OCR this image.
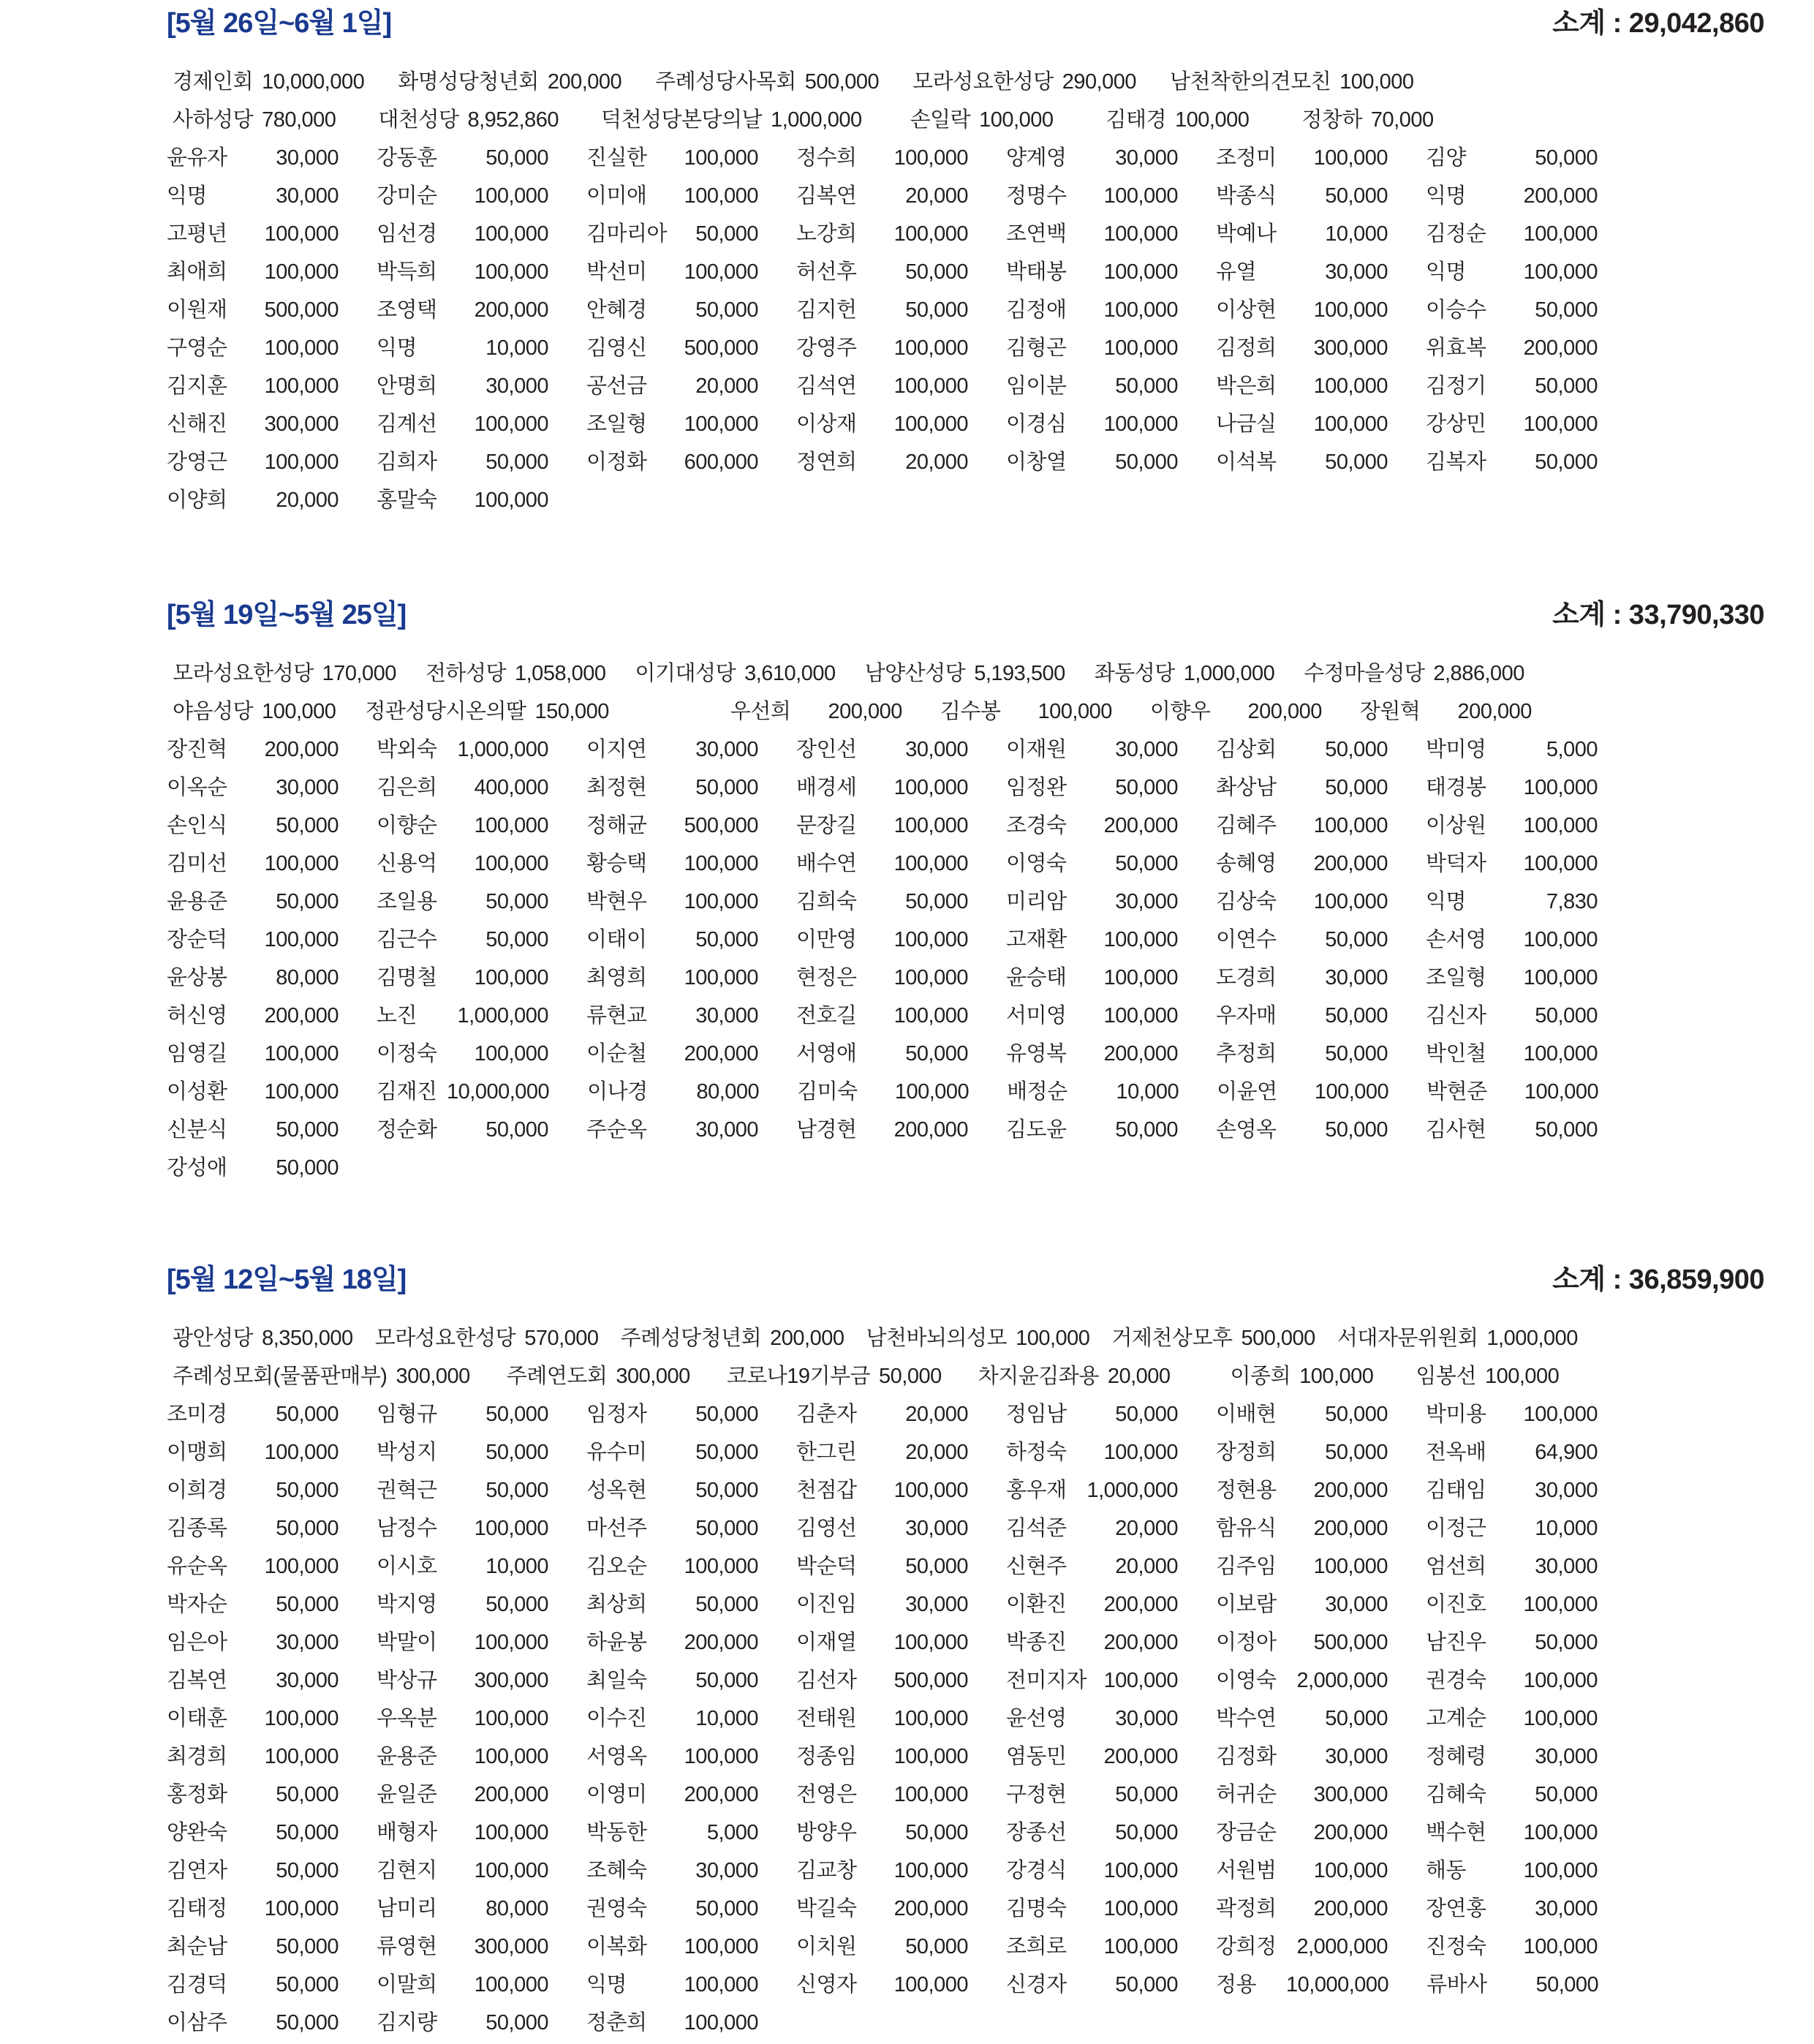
[5월 26일~6월 1일]	소계 : 29,042,860
경제인회 10,000,000 화명성당청년회 200,000 주례성당사목회 500,000 모라성요한성당 290,000 남천착한의견모친 100,000
사하성당 780,000 대천성당 8,952,860 덕천성당본당의날 1,000,000 손일락 100,000 김태경 100,000 정창하 70,000
윤유자	30,000	강동훈	50,000	진실한	100,000	정수희	100,000	양계영	30,000	조정미	100,000	김양	50,000
익명	30,000	강미순	100,000	이미애	100,000	김복연	20,000	정명수	100,000	박종식	50,000	익명	200,000
고평년	100,000	임선경	100,000	김마리아	50,000	노강희	100,000	조연백	100,000	박예나	10,000	김정순	100,000
최애희	100,000	박득희	100,000	박선미	100,000	허선후	50,000	박태봉	100,000	유열	30,000	익명	100,000
이원재	500,000	조영택	200,000	안혜경	50,000	김지헌	50,000	김정애	100,000	이상현	100,000	이승수	50,000
구영순	100,000	익명	10,000	김영신	500,000	강영주	100,000	김형곤	100,000	김정희	300,000	위효복	200,000
김지훈	100,000	안명희	30,000	공선금	20,000	김석연	100,000	임이분	50,000	박은희	100,000	김정기	50,000
신해진	300,000	김계선	100,000	조일형	100,000	이상재	100,000	이경심	100,000	나금실	100,000	강상민	100,000
강영근	100,000	김희자	50,000	이정화	600,000	정연희	20,000	이창열	50,000	이석복	50,000	김복자	50,000
이양희	20,000	홍말숙	100,000
[5월 19일~5월 25일]	소계 : 33,790,330
모라성요한성당 170,000 전하성당 1,058,000 이기대성당 3,610,000 남양산성당 5,193,500 좌동성당 1,000,000 수정마을성당 2,886,000
야음성당 100,000 정관성당시온의딸 150,000	우선희	200,000	김수봉	100,000	이향우	200,000	장원혁	200,000
장진혁	200,000	박외숙 1,000,000	이지연	30,000	장인선	30,000	이재원	30,000	김상회	50,000	박미영	5,000
이옥순	30,000	김은희	400,000	최정현	50,000	배경세	100,000	임정완	50,000	촤상남	50,000	태경봉	100,000
손인식	50,000	이향순	100,000	정해균	500,000	문장길	100,000	조경숙	200,000	김혜주	100,000	이상원	100,000
김미선	100,000	신용억	100,000	황승택	100,000	배수연	100,000	이영숙	50,000	송혜영	200,000	박덕자	100,000
윤용준	50,000	조일용	50,000	박현우	100,000	김희숙	50,000	미리암	30,000	김상숙	100,000	익명	7,830
장순덕	100,000	김근수	50,000	이태이	50,000	이만영	100,000	고재환	100,000	이연수	50,000	손서영	100,000
윤상봉	80,000	김명철	100,000	최영희	100,000	현정은	100,000	윤승태	100,000	도경희	30,000	조일형	100,000
허신영	200,000	노진	1,000,000	류현교	30,000	전호길	100,000	서미영	100,000	우자매	50,000	김신자	50,000
임영길	100,000	이정숙	100,000	이순철	200,000	서영애	50,000	유영복	200,000	추정희	50,000	박인철	100,000
이성환	100,000	김재진 10,000,000	이나경	80,000	김미숙	100,000	배정순	10,000	이윤연	100,000	박현준	100,000
신분식	50,000	정순화	50,000	주순옥	30,000	남경현	200,000	김도윤	50,000	손영옥	50,000	김사현	50,000
강성애	50,000
[5월 12일~5월 18일]	소계 : 36,859,900
광안성당 8,350,000 모라성요한성당 570,000 주례성당청년회 200,000 남천바뇌의성모 100,000 거제천상모후 500,000 서대자문위원회 1,000,000
주례성모회(물품판매부) 300,000 주례연도회 300,000 코로나19기부금 50,000 차지윤김좌용 20,000	이종희 100,000 임봉선 100,000
조미경	50,000	임형규	50,000	임정자	50,000	김춘자	20,000	정임남	50,000	이배현	50,000	박미용	100,000
이맹희	100,000	박성지	50,000	유수미	50,000	한그린	20,000	하정숙	100,000	장정희	50,000	전옥배	64,900
이희경	50,000	권혁근	50,000	성옥현	50,000	천점갑	100,000	홍우재 1,000,000	정현용	200,000	김태임	30,000
김종록	50,000	남정수	100,000	마선주	50,000	김영선	30,000	김석준	20,000	함유식	200,000	이정근	10,000
유순옥	100,000	이시호	10,000	김오순	100,000	박순덕	50,000	신현주	20,000	김주임	100,000	엄선희	30,000
박자순	50,000	박지영	50,000	최상희	50,000	이진임	30,000	이환진	200,000	이보람	30,000	이진호	100,000
임은아	30,000	박말이	100,000	하윤봉	200,000	이재열	100,000	박종진	200,000	이정아	500,000	남진우	50,000
김복연	30,000	박상규	300,000	최일숙	50,000	김선자	500,000	전미지자 100,000	이영숙 2,000,000	권경숙	100,000
이태훈	100,000	우옥분	100,000	이수진	10,000	전태원	100,000	윤선영	30,000	박수연	50,000	고계순	100,000
최경희	100,000	윤용준	100,000	서영옥	100,000	정종임	100,000	염동민	200,000	김정화	30,000	정혜령	30,000
홍정화	50,000	윤일준	200,000	이영미	200,000	전영은	100,000	구정현	50,000	허귀순	300,000	김혜숙	50,000
양완숙	50,000	배형자	100,000	박동한	5,000	방양우	50,000	장종선	50,000	장금순	200,000	백수현	100,000
김연자	50,000	김현지	100,000	조혜숙	30,000	김교창	100,000	강경식	100,000	서원범	100,000	해동	100,000
김태정	100,000	남미리	80,000	권영숙	50,000	박길숙	200,000	김명숙	100,000	곽정희	200,000	장연홍	30,000
최순남	50,000	류영현	300,000	이복화	100,000	이치원	50,000	조희로	100,000	강희정 2,000,000	진정숙	100,000
김경덕	50,000	이말희	100,000	익명	100,000	신영자	100,000	신경자	50,000	정용	10,000,000	류바사	50,000
이삼주	50,000	김지량	50,000	정춘희	100,000
